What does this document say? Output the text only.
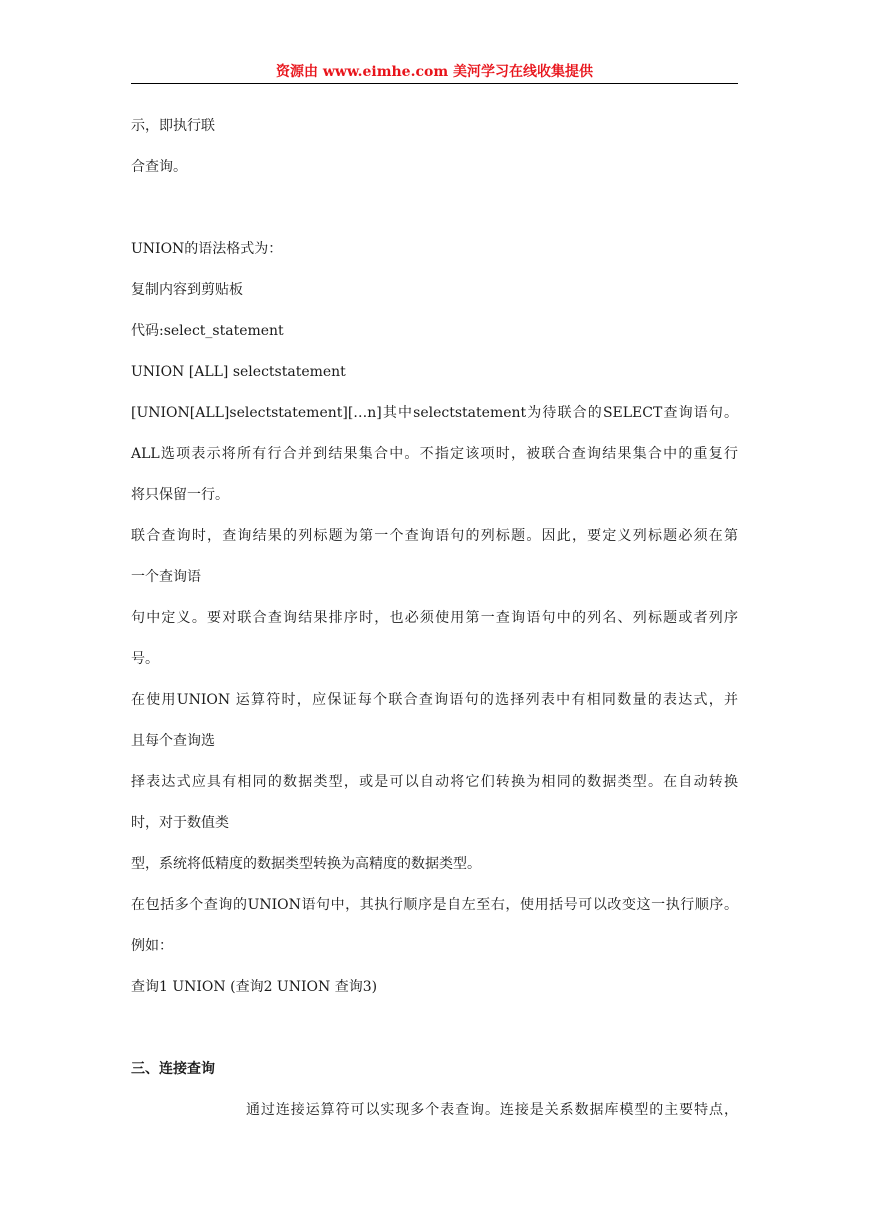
资源由 www.eimhe.com 美河学习在线收集提供
示，即执行联
合查询。
UNION的语法格式为：
复制内容到剪贴板
代码:select_statement
UNION [ALL] selectstatement
[UNION[ALL]selectstatement][…n]其中selectstatement为待联合的SELECT查询语句。
ALL选项表示将所有行合并到结果集合中。不指定该项时，被联合查询结果集合中的重复行
将只保留一行。
联合查询时，查询结果的列标题为第一个查询语句的列标题。因此，要定义列标题必须在第
一个查询语
句中定义。要对联合查询结果排序时，也必须使用第一查询语句中的列名、列标题或者列序
号。
在使用UNION 运算符时，应保证每个联合查询语句的选择列表中有相同数量的表达式，并
且每个查询选
择表达式应具有相同的数据类型，或是可以自动将它们转换为相同的数据类型。在自动转换
时，对于数值类
型，系统将低精度的数据类型转换为高精度的数据类型。
在包括多个查询的UNION语句中，其执行顺序是自左至右，使用括号可以改变这一执行顺序。
例如：
查询1 UNION (查询2 UNION 查询3)
三、连接查询
通过连接运算符可以实现多个表查询。连接是关系数据库模型的主要特点，
